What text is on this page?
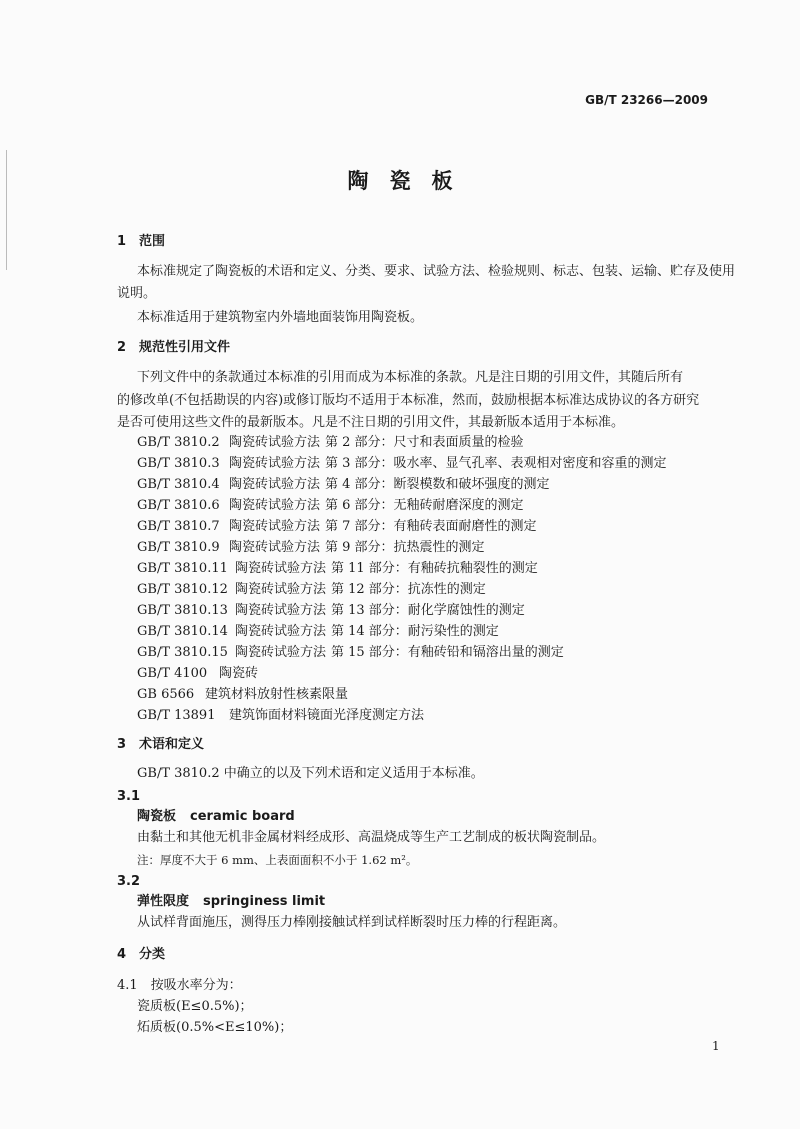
GB/T 23266—2009
陶　瓷　板
1　范围
本标准规定了陶瓷板的术语和定义、分类、要求、试验方法、检验规则、标志、包装、运输、贮存及使用
说明。
本标准适用于建筑物室内外墙地面装饰用陶瓷板。
2　规范性引用文件
下列文件中的条款通过本标准的引用而成为本标准的条款。凡是注日期的引用文件，其随后所有
的修改单(不包括勘误的内容)或修订版均不适用于本标准，然而，鼓励根据本标准达成协议的各方研究
是否可使用这些文件的最新版本。凡是不注日期的引用文件，其最新版本适用于本标准。
GB/T 3810.2 陶瓷砖试验方法 第 2 部分：尺寸和表面质量的检验
GB/T 3810.3 陶瓷砖试验方法 第 3 部分：吸水率、显气孔率、表观相对密度和容重的测定
GB/T 3810.4 陶瓷砖试验方法 第 4 部分：断裂模数和破坏强度的测定
GB/T 3810.6 陶瓷砖试验方法 第 6 部分：无釉砖耐磨深度的测定
GB/T 3810.7 陶瓷砖试验方法 第 7 部分：有釉砖表面耐磨性的测定
GB/T 3810.9 陶瓷砖试验方法 第 9 部分：抗热震性的测定
GB/T 3810.11 陶瓷砖试验方法 第 11 部分：有釉砖抗釉裂性的测定
GB/T 3810.12 陶瓷砖试验方法 第 12 部分：抗冻性的测定
GB/T 3810.13 陶瓷砖试验方法 第 13 部分：耐化学腐蚀性的测定
GB/T 3810.14 陶瓷砖试验方法 第 14 部分：耐污染性的测定
GB/T 3810.15 陶瓷砖试验方法 第 15 部分：有釉砖铅和镉溶出量的测定
GB/T 4100 陶瓷砖
GB 6566 建筑材料放射性核素限量
GB/T 13891 建筑饰面材料镜面光泽度测定方法
3　术语和定义
GB/T 3810.2 中确立的以及下列术语和定义适用于本标准。
3.1
陶瓷板 ceramic board
由黏土和其他无机非金属材料经成形、高温烧成等生产工艺制成的板状陶瓷制品。
注：厚度不大于 6 mm、上表面面积不小于 1.62 m²。
3.2
弹性限度 springiness limit
从试样背面施压，测得压力棒刚接触试样到试样断裂时压力棒的行程距离。
4　分类
4.1　按吸水率分为：
瓷质板(E≤0.5%)；
炻质板(0.5%<E≤10%)；
1
